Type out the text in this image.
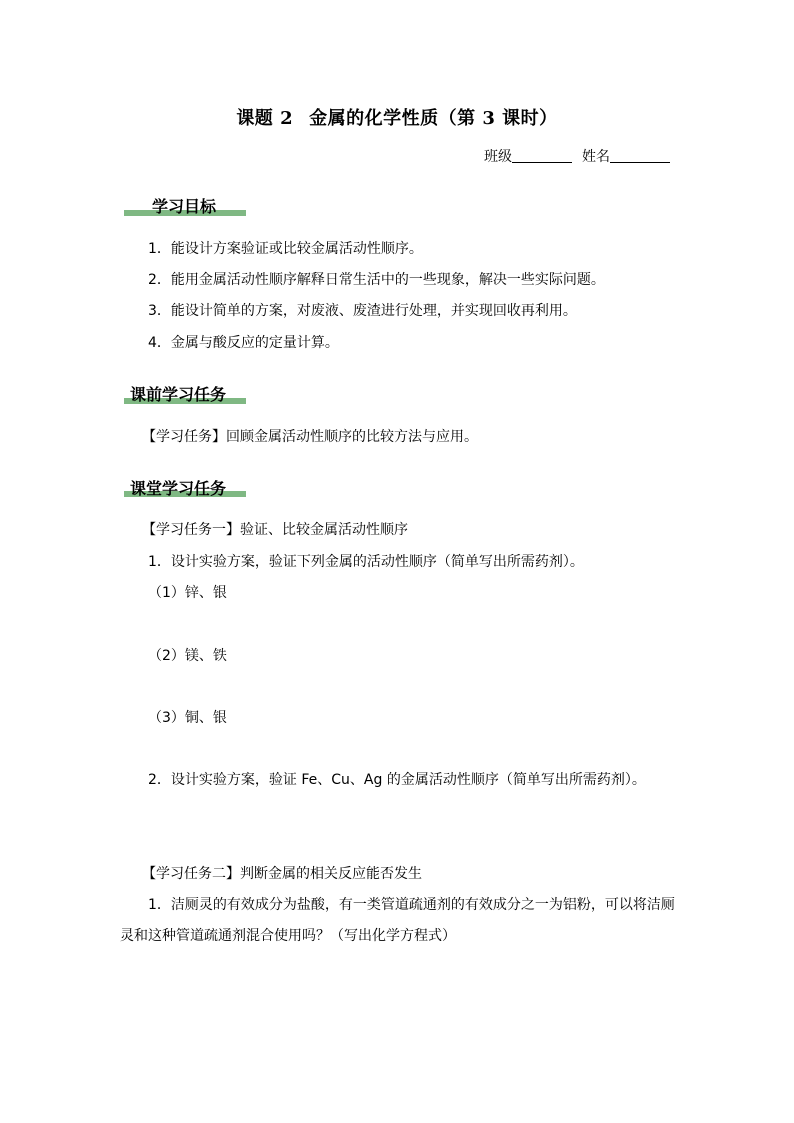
课题 2 金属的化学性质（第 3 课时）
班级	姓名
学习目标
1．能设计方案验证或比较金属活动性顺序。
2．能用金属活动性顺序解释日常生活中的一些现象，解决一些实际问题。
3．能设计简单的方案，对废液、废渣进行处理，并实现回收再利用。
4．金属与酸反应的定量计算。
课前学习任务
【学习任务】回顾金属活动性顺序的比较方法与应用。
课堂学习任务
【学习任务一】验证、比较金属活动性顺序
1．设计实验方案，验证下列金属的活动性顺序（简单写出所需药剂）。
（1）锌、银
（2）镁、铁
（3）铜、银
2．设计实验方案，验证 Fe、Cu、Ag 的金属活动性顺序（简单写出所需药剂）。
【学习任务二】判断金属的相关反应能否发生
1．洁厕灵的有效成分为盐酸，有一类管道疏通剂的有效成分之一为铝粉，可以将洁厕
灵和这种管道疏通剂混合使用吗？（写出化学方程式）
